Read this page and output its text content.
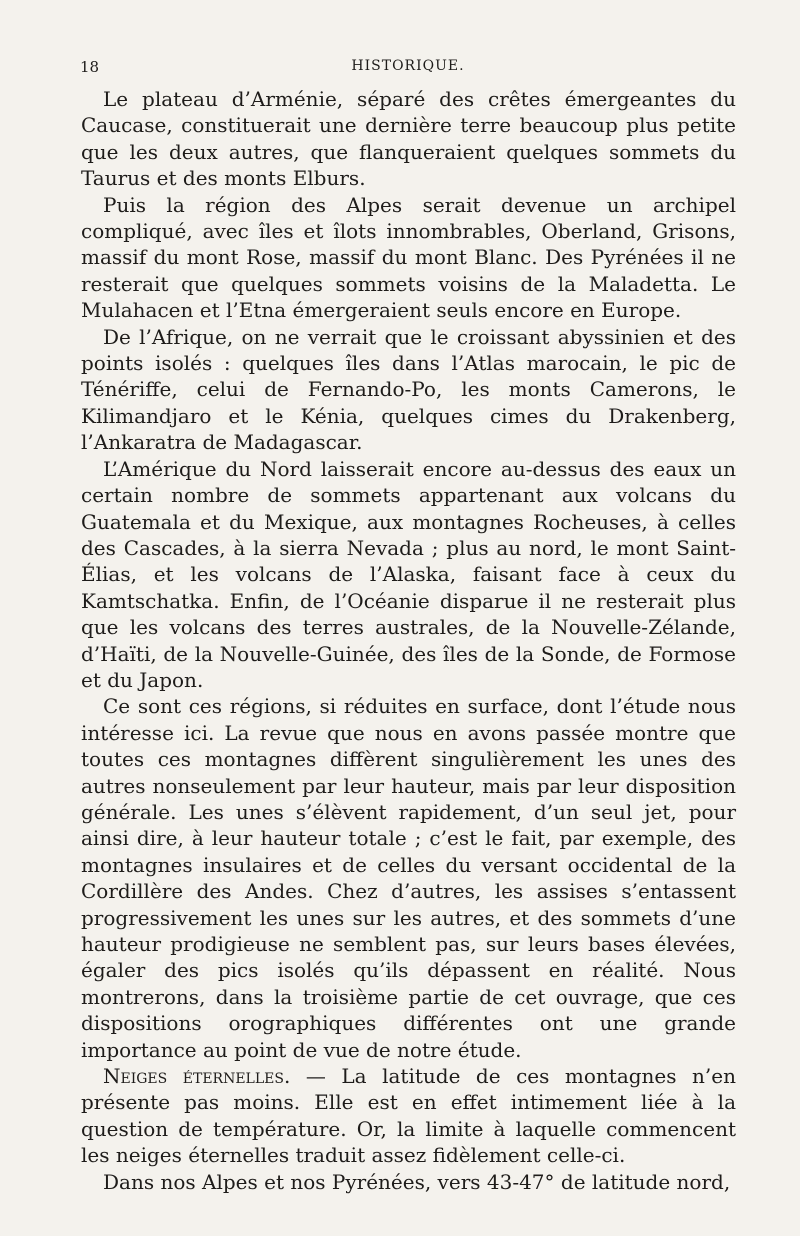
18	HISTORIQUE.

Le plateau d’Arménie, séparé des crêtes émergeantes du Caucase, constituerait une dernière terre beaucoup plus petite que les deux autres, que flanqueraient quelques sommets du Taurus et des monts Elburs.

Puis la région des Alpes serait devenue un archipel compliqué, avec îles et îlots innombrables, Oberland, Grisons, massif du mont Rose, massif du mont Blanc. Des Pyrénées il ne resterait que quelques sommets voisins de la Maladetta. Le Mulahacen et l’Etna émergeraient seuls encore en Europe.

De l’Afrique, on ne verrait que le croissant abyssinien et des points isolés : quelques îles dans l’Atlas marocain, le pic de Ténériffe, celui de Fernando-Po, les monts Camerons, le Kilimandjaro et le Kénia, quelques cimes du Drakenberg, l’Ankaratra de Madagascar.

L’Amérique du Nord laisserait encore au-dessus des eaux un certain nombre de sommets appartenant aux volcans du Guatemala et du Mexique, aux montagnes Rocheuses, à celles des Cascades, à la sierra Nevada ; plus au nord, le mont Saint-Élias, et les volcans de l’Alaska, faisant face à ceux du Kamtschatka. Enfin, de l’Océanie disparue il ne resterait plus que les volcans des terres australes, de la Nouvelle-Zélande, d’Haïti, de la Nouvelle-Guinée, des îles de la Sonde, de Formose et du Japon.

Ce sont ces régions, si réduites en surface, dont l’étude nous intéresse ici. La revue que nous en avons passée montre que toutes ces montagnes diffèrent singulièrement les unes des autres nonseulement par leur hauteur, mais par leur disposition générale. Les unes s’élèvent rapidement, d’un seul jet, pour ainsi dire, à leur hauteur totale ; c’est le fait, par exemple, des montagnes insulaires et de celles du versant occidental de la Cordillère des Andes. Chez d’autres, les assises s’entassent progressivement les unes sur les autres, et des sommets d’une hauteur prodigieuse ne semblent pas, sur leurs bases élevées, égaler des pics isolés qu’ils dépassent en réalité. Nous montrerons, dans la troisième partie de cet ouvrage, que ces dispositions orographiques différentes ont une grande importance au point de vue de notre étude.

Neiges éternelles. — La latitude de ces montagnes n’en présente pas moins. Elle est en effet intimement liée à la question de température. Or, la limite à laquelle commencent les neiges éternelles traduit assez fidèlement celle-ci.

Dans nos Alpes et nos Pyrénées, vers 43-47° de latitude nord,
